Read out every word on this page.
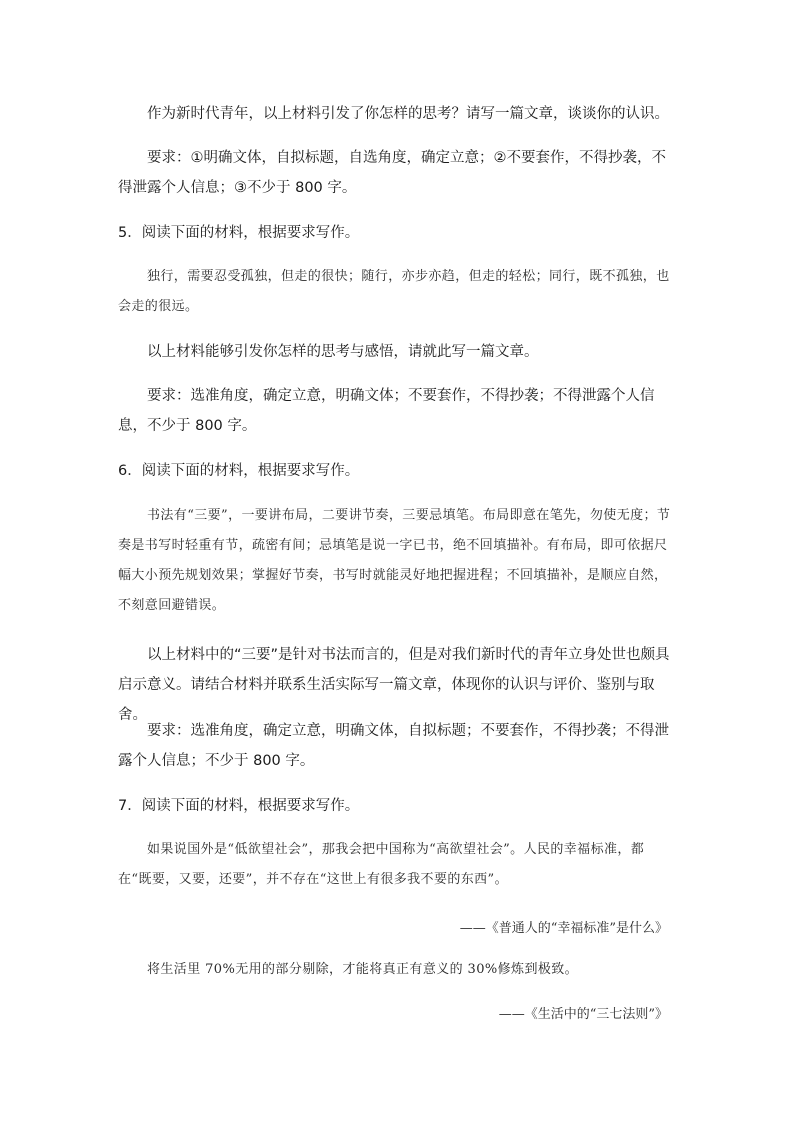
作为新时代青年，以上材料引发了你怎样的思考？请写一篇文章，谈谈你的认识。

要求：①明确文体，自拟标题，自选角度，确定立意；②不要套作，不得抄袭，不得泄露个人信息；③不少于 800 字。

5．阅读下面的材料，根据要求写作。

独行，需要忍受孤独，但走的很快；随行，亦步亦趋，但走的轻松；同行，既不孤独，也会走的很远。

以上材料能够引发你怎样的思考与感悟，请就此写一篇文章。

要求：选准角度，确定立意，明确文体；不要套作，不得抄袭；不得泄露个人信息，不少于 800 字。

6．阅读下面的材料，根据要求写作。

书法有“三要”，一要讲布局，二要讲节奏，三要忌填笔。布局即意在笔先，勿使无度；节奏是书写时轻重有节，疏密有间；忌填笔是说一字已书，绝不回填描补。有布局，即可依据尺幅大小预先规划效果；掌握好节奏，书写时就能灵好地把握进程；不回填描补，是顺应自然，不刻意回避错误。

以上材料中的“三要”是针对书法而言的，但是对我们新时代的青年立身处世也颇具启示意义。请结合材料并联系生活实际写一篇文章，体现你的认识与评价、鉴别与取舍。

要求：选准角度，确定立意，明确文体，自拟标题；不要套作，不得抄袭；不得泄露个人信息；不少于 800 字。

7．阅读下面的材料，根据要求写作。

如果说国外是“低欲望社会”，那我会把中国称为“高欲望社会”。人民的幸福标准，都在“既要，又要，还要”，并不存在“这世上有很多我不要的东西”。

——《普通人的“幸福标准”是什么》

将生活里 70%无用的部分剔除，才能将真正有意义的 30%修炼到极致。

——《生活中的“三七法则”》
